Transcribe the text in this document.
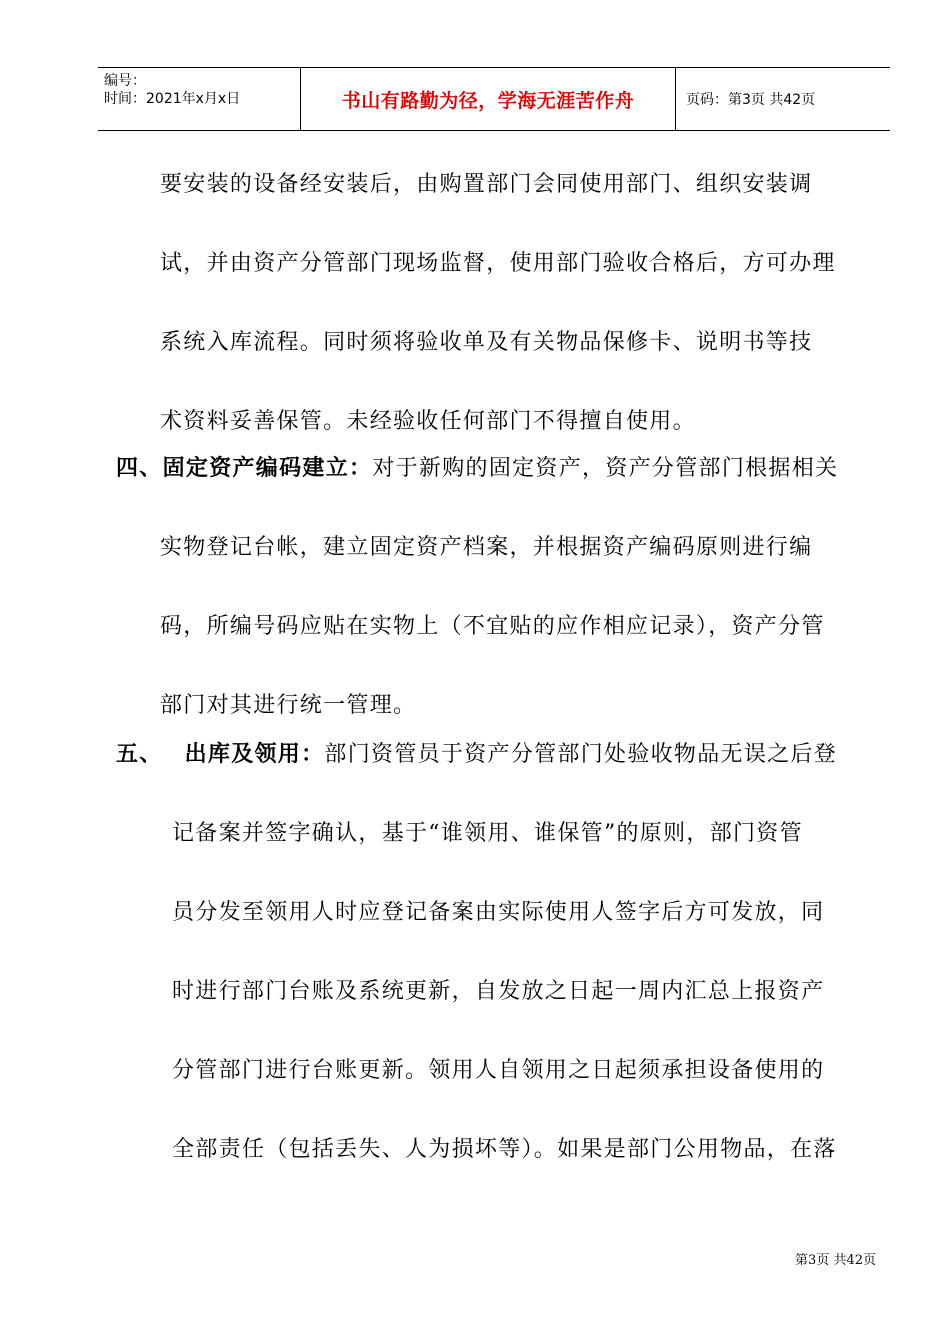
编号：
时间：2021年x月x日	书山有路勤为径，学海无涯苦作舟	页码：第3页 共42页
要安装的设备经安装后，由购置部门会同使用部门、组织安装调
试，并由资产分管部门现场监督，使用部门验收合格后，方可办理
系统入库流程。同时须将验收单及有关物品保修卡、说明书等技
术资料妥善保管。未经验收任何部门不得擅自使用。
四、固定资产编码建立：对于新购的固定资产，资产分管部门根据相关
实物登记台帐，建立固定资产档案，并根据资产编码原则进行编
码，所编号码应贴在实物上（不宜贴的应作相应记录），资产分管
部门对其进行统一管理。
五、 出库及领用：部门资管员于资产分管部门处验收物品无误之后登
记备案并签字确认，基于“谁领用、谁保管”的原则，部门资管
员分发至领用人时应登记备案由实际使用人签字后方可发放，同
时进行部门台账及系统更新，自发放之日起一周内汇总上报资产
分管部门进行台账更新。领用人自领用之日起须承担设备使用的
全部责任（包括丢失、人为损坏等）。如果是部门公用物品，在落
第3页 共42页
